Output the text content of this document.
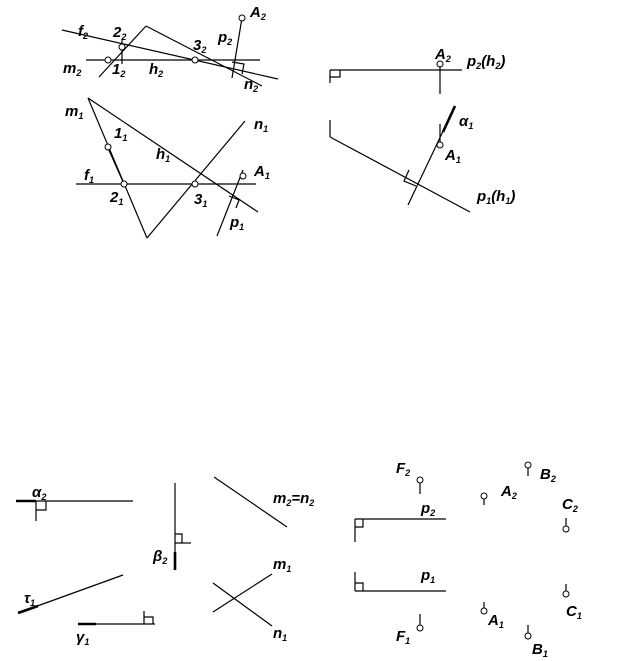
$f_2$ $2_2$	$3_2$
$p_2$
$A_2$
$m_2$ $1_2$ $h_2$
$n_2$
$m_1$
$1_1$
$h_1$
$n_1$
$f_1$	$A_1$
$2_1$	$3_1$
$p_1$
$A_2$ $p_2(h_2)$
$\alpha_1$
$A_1$
$p_1(h_1)$
$\alpha_2$
$\beta_2$
$\tau_1$
$\gamma_1$
$m_2=n_2$
$m_1$
$n_1$
$F_2$
$p_2$
$p_1$
$F_1$
$B_2$
$A_2$	$C_2$
$C_1$
$A_1$
$B_1$
